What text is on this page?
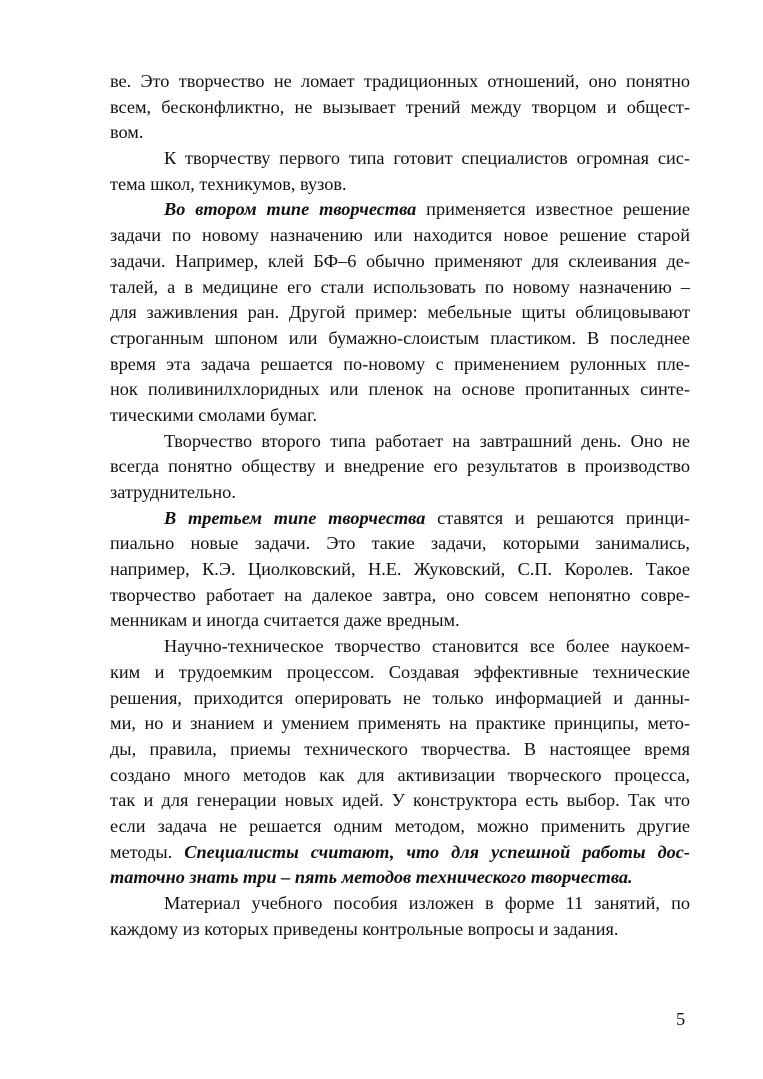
ве. Это творчество не ломает традиционных отношений, оно понятно
всем, бесконфликтно, не вызывает трений между творцом и общест-
вом.
К творчеству первого типа готовит специалистов огромная сис-
тема школ, техникумов, вузов.
Во втором типе творчества применяется известное решение
задачи по новому назначению или находится новое решение старой
задачи. Например, клей БФ–6 обычно применяют для склеивания де-
талей, а в медицине его стали использовать по новому назначению –
для заживления ран. Другой пример: мебельные щиты облицовывают
строганным шпоном или бумажно-слоистым пластиком. В последнее
время эта задача решается по-новому с применением рулонных пле-
нок поливинилхлоридных или пленок на основе пропитанных синте-
тическими смолами бумаг.
Творчество второго типа работает на завтрашний день. Оно не
всегда понятно обществу и внедрение его результатов в производство
затруднительно.
В третьем типе творчества ставятся и решаются принци-
пиально новые задачи. Это такие задачи, которыми занимались,
например, К.Э. Циолковский, Н.Е. Жуковский, С.П. Королев. Такое
творчество работает на далекое завтра, оно совсем непонятно совре-
менникам и иногда считается даже вредным.
Научно-техническое творчество становится все более наукоем-
ким и трудоемким процессом. Создавая эффективные технические
решения, приходится оперировать не только информацией и данны-
ми, но и знанием и умением применять на практике принципы, мето-
ды, правила, приемы технического творчества. В настоящее время
создано много методов как для активизации творческого процесса,
так и для генерации новых идей. У конструктора есть выбор. Так что
если задача не решается одним методом, можно применить другие
методы. Специалисты считают, что для успешной работы дос-
таточно знать три – пять методов технического творчества.
Материал учебного пособия изложен в форме 11 занятий, по
каждому из которых приведены контрольные вопросы и задания.
5
